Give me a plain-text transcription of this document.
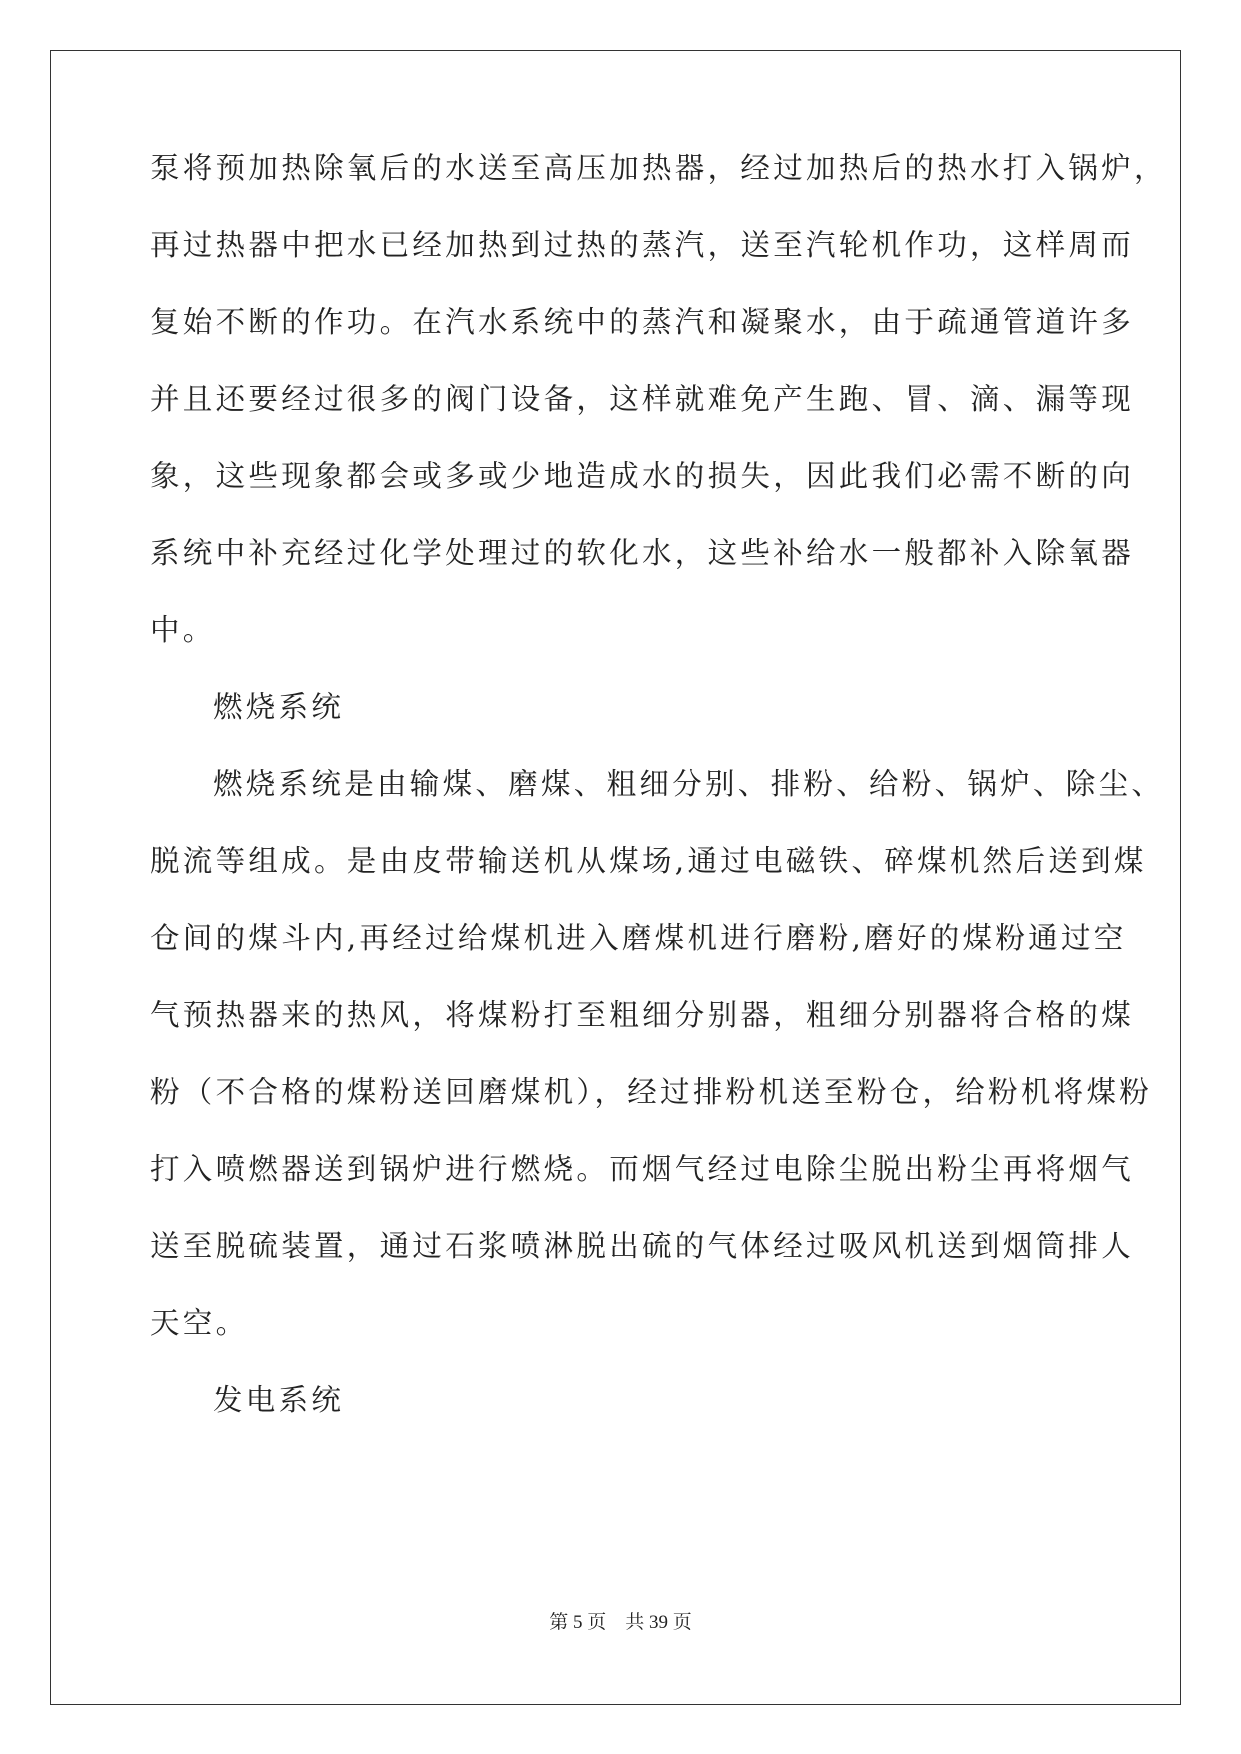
泵将预加热除氧后的水送至高压加热器，经过加热后的热水打入锅炉，
再过热器中把水已经加热到过热的蒸汽，送至汽轮机作功，这样周而
复始不断的作功。在汽水系统中的蒸汽和凝聚水，由于疏通管道许多
并且还要经过很多的阀门设备，这样就难免产生跑、冒、滴、漏等现
象，这些现象都会或多或少地造成水的损失，因此我们必需不断的向
系统中补充经过化学处理过的软化水，这些补给水一般都补入除氧器
中。
燃烧系统
燃烧系统是由输煤、磨煤、粗细分别、排粉、给粉、锅炉、除尘、
脱流等组成。是由皮带输送机从煤场,通过电磁铁、碎煤机然后送到煤
仓间的煤斗内,再经过给煤机进入磨煤机进行磨粉,磨好的煤粉通过空
气预热器来的热风，将煤粉打至粗细分别器，粗细分别器将合格的煤
粉（不合格的煤粉送回磨煤机），经过排粉机送至粉仓，给粉机将煤粉
打入喷燃器送到锅炉进行燃烧。而烟气经过电除尘脱出粉尘再将烟气
送至脱硫装置，通过石浆喷淋脱出硫的气体经过吸风机送到烟筒排人
天空。
发电系统
第 5 页 共 39 页
